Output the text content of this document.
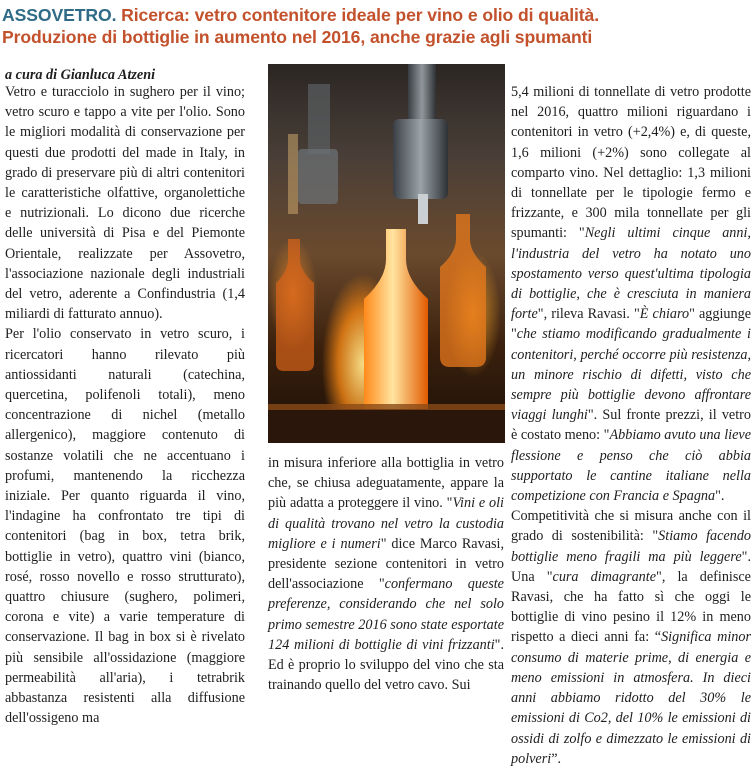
ASSOVETRO. Ricerca: vetro contenitore ideale per vino e olio di qualità.
Produzione di bottiglie in aumento nel 2016, anche grazie agli spumanti
a cura di Gianluca Atzeni

Vetro e turacciolo in sughero per il vino; vetro scuro e tappo a vite per l'olio. Sono le migliori modalità di conservazione per questi due prodotti del made in Italy, in grado di preservare più di altri contenitori le caratteristiche olfattive, organolettiche e nutrizionali. Lo dicono due ricerche delle università di Pisa e del Piemonte Orientale, realizzate per Assovetro, l'associazione nazionale degli industriali del vetro, aderente a Confindustria (1,4 miliardi di fatturato annuo).

Per l'olio conservato in vetro scuro, i ricercatori hanno rilevato più antiossidanti naturali (catechina, quercetina, polifenoli totali), meno concentrazione di nichel (metallo allergenico), maggiore contenuto di sostanze volatili che ne accentuano i profumi, mantenendo la ricchezza iniziale. Per quanto riguarda il vino, l'indagine ha confrontato tre tipi di contenitori (bag in box, tetra brik, bottiglie in vetro), quattro vini (bianco, rosé, rosso novello e rosso strutturato), quattro chiusure (sughero, polimeri, corona e vite) a varie temperature di conservazione. Il bag in box si è rivelato più sensibile all'ossidazione (maggiore permeabilità all'aria), i tetrabrik abbastanza resistenti alla diffusione dell'ossigeno ma

in misura inferiore alla bottiglia in vetro che, se chiusa adeguatamente, appare la più adatta a proteggere il vino. "Vini e oli di qualità trovano nel vetro la custodia migliore e i numeri" dice Marco Ravasi, presidente sezione contenitori in vetro dell'associazione "confermano queste preferenze, considerando che nel solo primo semestre 2016 sono state esportate 124 milioni di bottiglie di vini frizzanti". Ed è proprio lo sviluppo del vino che sta trainando quello del vetro cavo. Sui

5,4 milioni di tonnellate di vetro prodotte nel 2016, quattro milioni riguardano i contenitori in vetro (+2,4%) e, di queste, 1,6 milioni (+2%) sono collegate al comparto vino. Nel dettaglio: 1,3 milioni di tonnellate per le tipologie fermo e frizzante, e 300 mila tonnellate per gli spumanti: "Negli ultimi cinque anni, l'industria del vetro ha notato uno spostamento verso quest'ultima tipologia di bottiglie, che è cresciuta in maniera forte", rileva Ravasi. "È chiaro" aggiunge "che stiamo modificando gradualmente i contenitori, perché occorre più resistenza, un minore rischio di difetti, visto che sempre più bottiglie devono affrontare viaggi lunghi". Sul fronte prezzi, il vetro è costato meno: "Abbiamo avuto una lieve flessione e penso che ciò abbia supportato le cantine italiane nella competizione con Francia e Spagna".

Competitività che si misura anche con il grado di sostenibilità: "Stiamo facendo bottiglie meno fragili ma più leggere". Una "cura dimagrante", la definisce Ravasi, che ha fatto sì che oggi le bottiglie di vino pesino il 12% in meno rispetto a dieci anni fa: “Significa minor consumo di materie prime, di energia e meno emissioni in atmosfera. In dieci anni abbiamo ridotto del 30% le emissioni di Co2, del 10% le emissioni di ossidi di zolfo e dimezzato le emissioni di polveri”.
